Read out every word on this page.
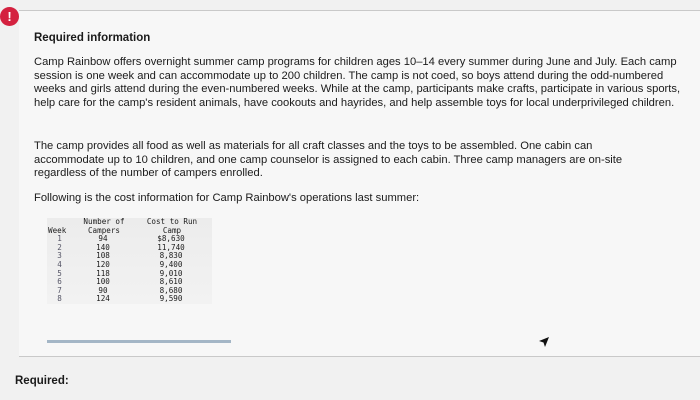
!
Required information

Camp Rainbow offers overnight summer camp programs for children ages 10–14 every summer during June and July. Each camp session is one week and can accommodate up to 200 children. The camp is not coed, so boys attend during the odd-numbered weeks and girls attend during the even-numbered weeks. While at the camp, participants make crafts, participate in various sports, help care for the camp's resident animals, have cookouts and hayrides, and help assemble toys for local underprivileged children.

The camp provides all food as well as materials for all craft classes and the toys to be assembled. One cabin can accommodate up to 10 children, and one camp counselor is assigned to each cabin. Three camp managers are on-site regardless of the number of campers enrolled.

Following is the cost information for Camp Rainbow's operations last summer:

Number of	Cost to Run
Week	Campers	Camp
1	94	$8,630
2	140	11,740
3	108	8,830
4	120	9,400
5	118	9,010
6	100	8,610
7	90	8,680
8	124	9,590
Required:
